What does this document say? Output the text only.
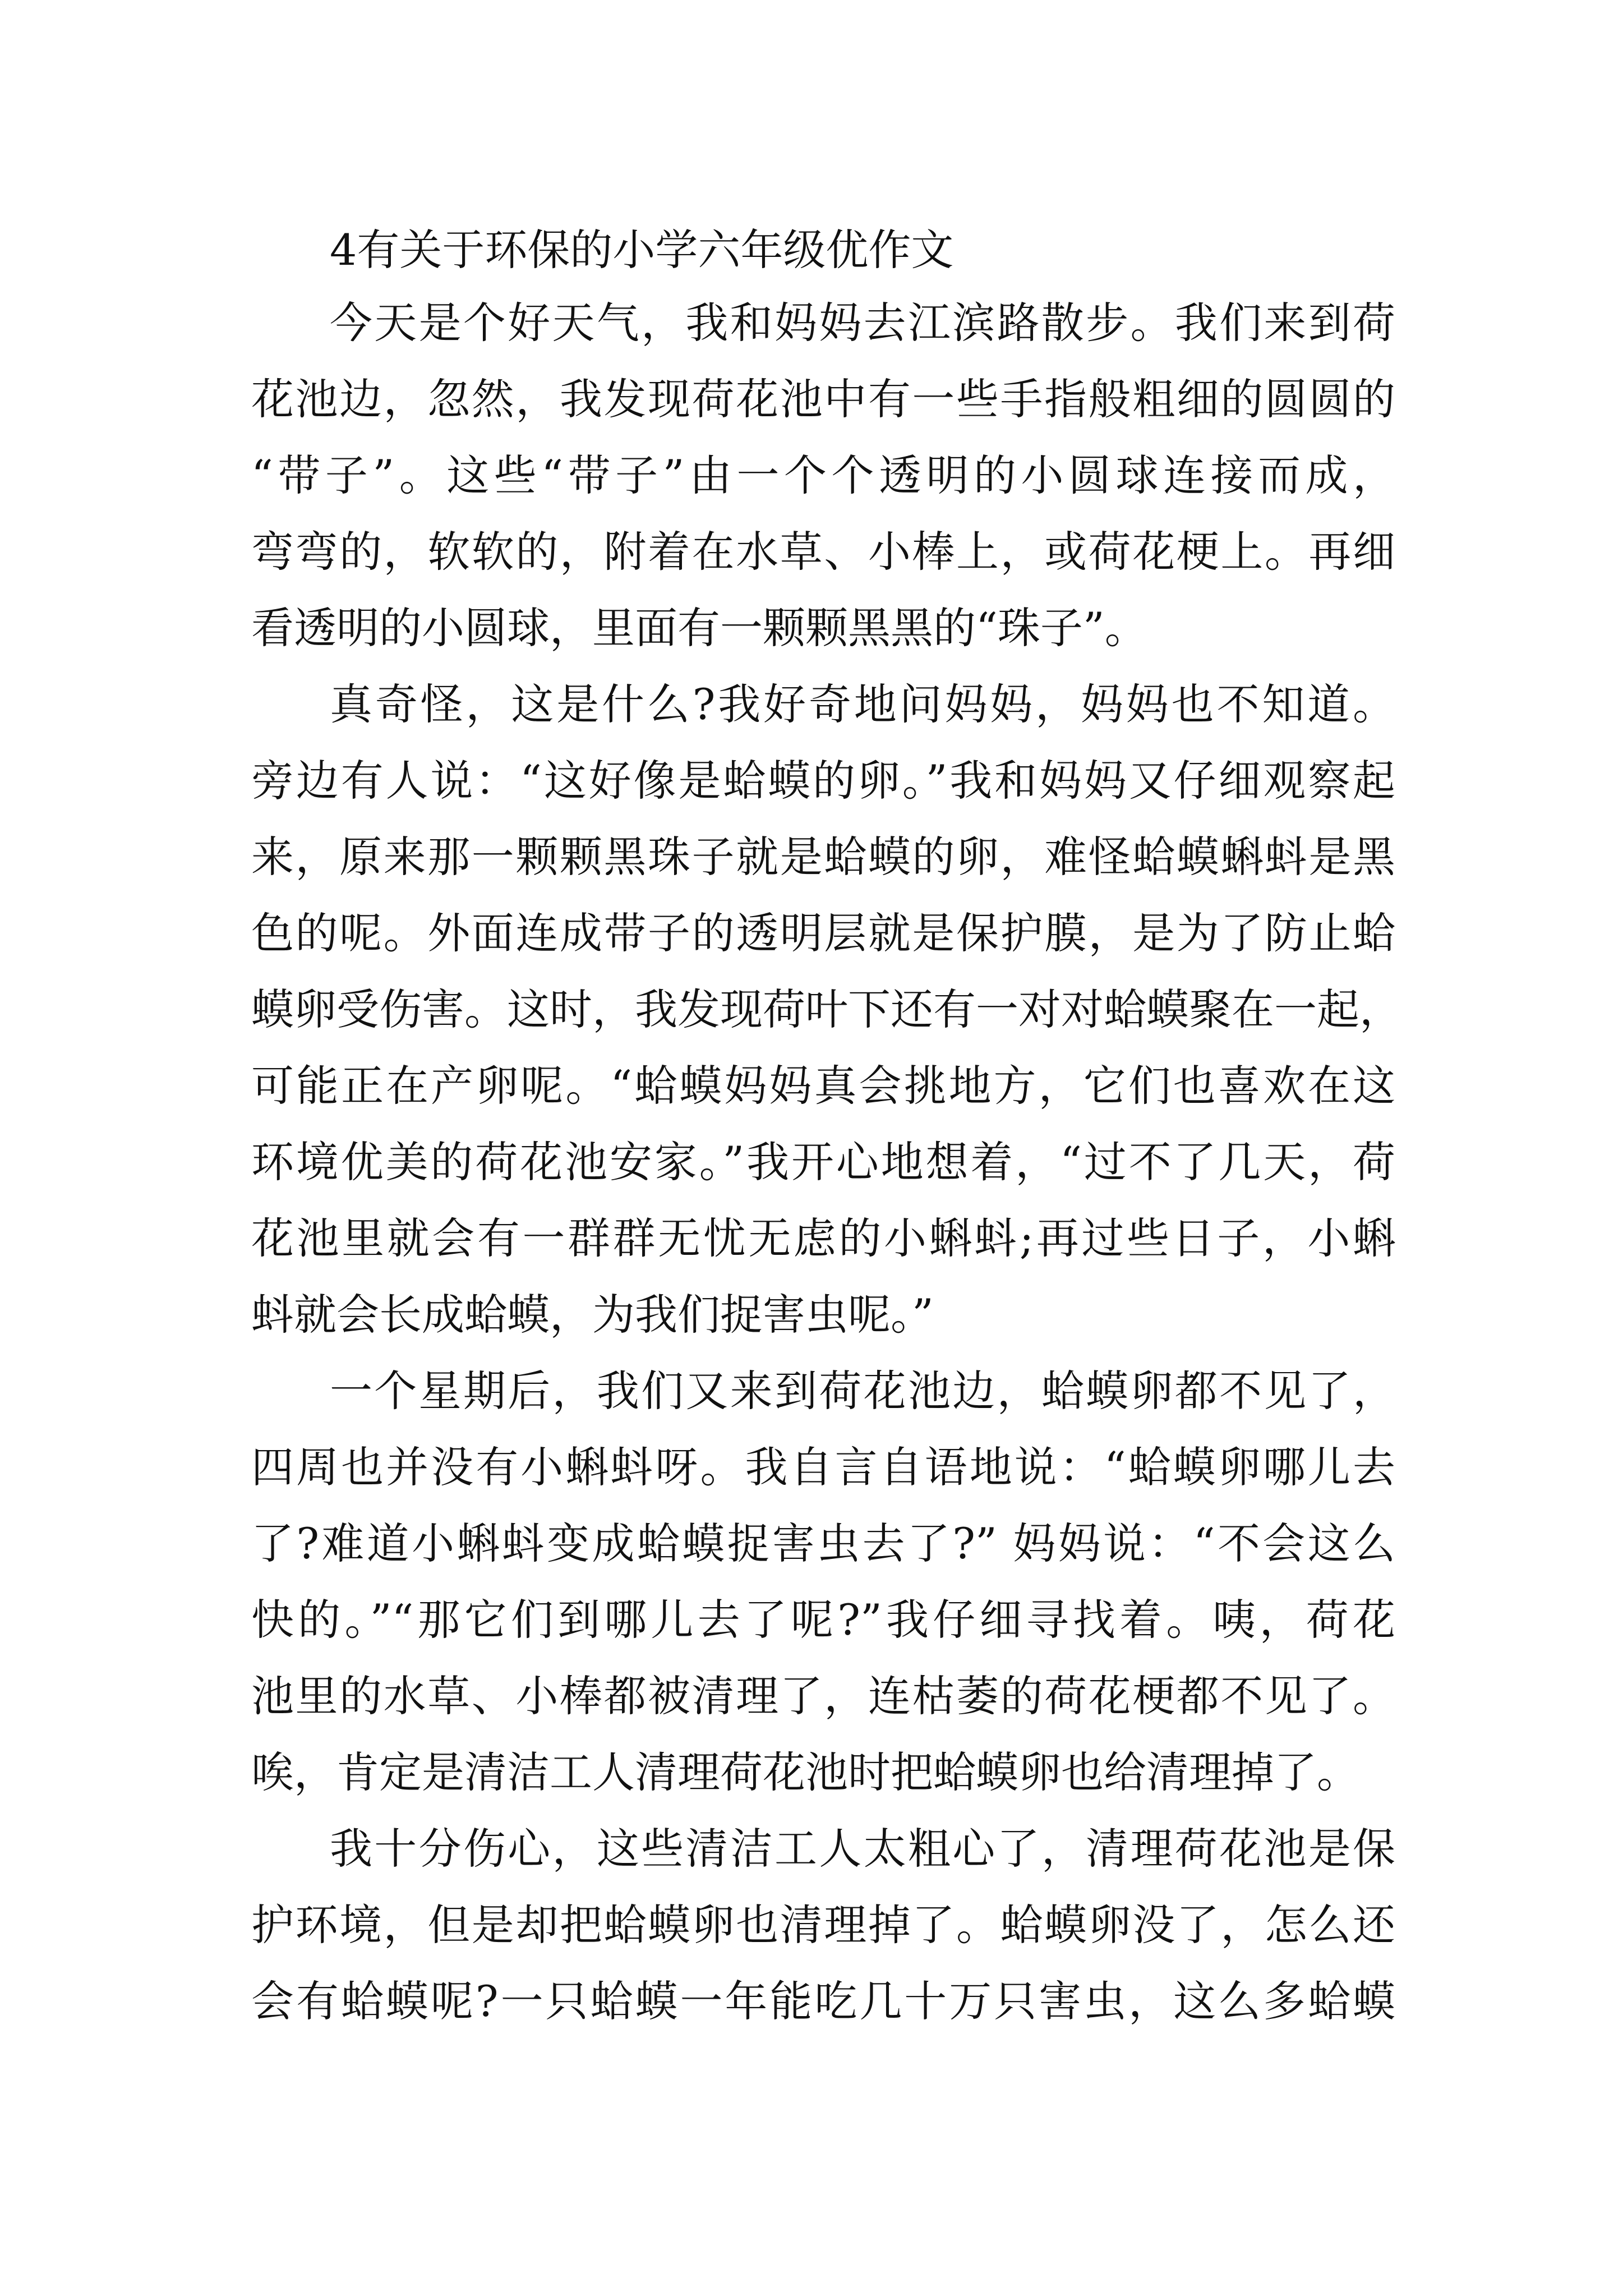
4有关于环保的小学六年级优作文

今天是个好天气，我和妈妈去江滨路散步。我们来到荷
花池边，忽然，我发现荷花池中有一些手指般粗细的圆圆的
“带子”。这些“带子”由一个个透明的小圆球连接而成，
弯弯的，软软的，附着在水草、小棒上，或荷花梗上。再细
看透明的小圆球，里面有一颗颗黑黑的“珠子”。

真奇怪，这是什么?我好奇地问妈妈，妈妈也不知道。
旁边有人说：“这好像是蛤蟆的卵。”我和妈妈又仔细观察起
来，原来那一颗颗黑珠子就是蛤蟆的卵，难怪蛤蟆蝌蚪是黑
色的呢。外面连成带子的透明层就是保护膜，是为了防止蛤
蟆卵受伤害。这时，我发现荷叶下还有一对对蛤蟆聚在一起，
可能正在产卵呢。“蛤蟆妈妈真会挑地方，它们也喜欢在这
环境优美的荷花池安家。”我开心地想着，“过不了几天，荷
花池里就会有一群群无忧无虑的小蝌蚪;再过些日子，小蝌
蚪就会长成蛤蟆，为我们捉害虫呢。”

一个星期后，我们又来到荷花池边，蛤蟆卵都不见了，
四周也并没有小蝌蚪呀。我自言自语地说：“蛤蟆卵哪儿去
了?难道小蝌蚪变成蛤蟆捉害虫去了?” 妈妈说：“不会这么
快的。”“那它们到哪儿去了呢?”我仔细寻找着。咦，荷花
池里的水草、小棒都被清理了，连枯萎的荷花梗都不见了。
唉，肯定是清洁工人清理荷花池时把蛤蟆卵也给清理掉了。

我十分伤心，这些清洁工人太粗心了，清理荷花池是保
护环境，但是却把蛤蟆卵也清理掉了。蛤蟆卵没了，怎么还
会有蛤蟆呢?一只蛤蟆一年能吃几十万只害虫，这么多蛤蟆
